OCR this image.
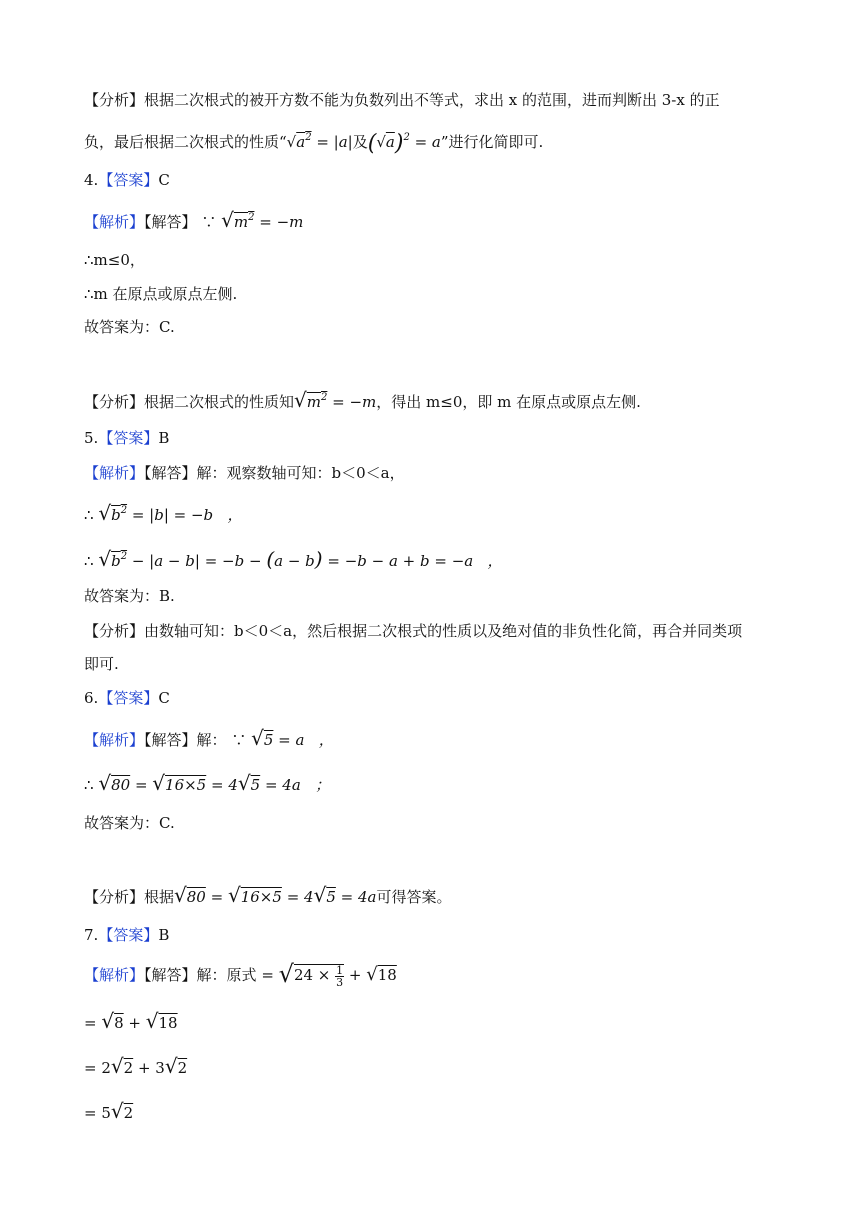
【分析】根据二次根式的被开方数不能为负数列出不等式，求出 x 的范围，进而判断出 3-x 的正
负，最后根据二次根式的性质“$√a^2 = |a|$及$(√a)^2 = a$”进行化简即可.
4.【答案】C
【解析】【解答】 ∵ $√m^2 = -m$
∴m≤0，
∴m 在原点或原点左侧.
故答案为：C.
【分析】根据二次根式的性质知$√m^2 = -m$，得出 m≤0，即 m 在原点或原点左侧.
5.【答案】B
【解析】【解答】解：观察数轴可知：b＜0＜a，
∴ $√b^2 = |b| = -b$   ，
∴ $√b^2 - |a - b| = -b - (a - b) = -b - a + b = -a$   ，
故答案为：B.
【分析】由数轴可知：b＜0＜a，然后根据二次根式的性质以及绝对值的非负性化简，再合并同类项
即可.
6.【答案】C
【解析】【解答】解： ∵ √5 = a   ，
∴ √80 = √16×5 = 4√5 = 4a   ；
故答案为：C.
【分析】根据√80 = √16×5 = 4√5 = 4a可得答案。
7.【答案】B
【解析】【解答】解：原式 = $√24 \times \frac{1}{3} + √18$
= √8 + √18
= 2√2 + 3√2
= 5√2
